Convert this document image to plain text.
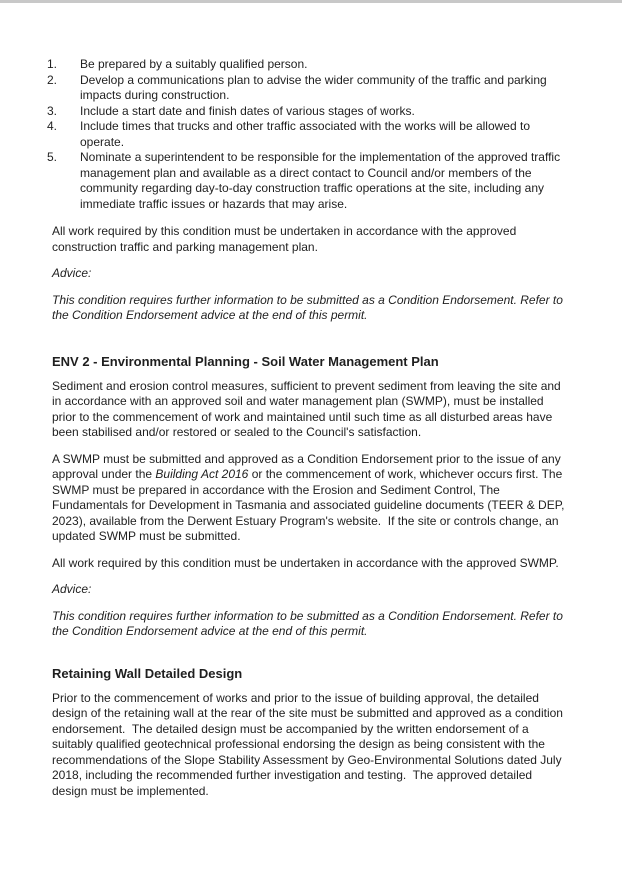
1.	Be prepared by a suitably qualified person.
2.	Develop a communications plan to advise the wider community of the traffic and parking impacts during construction.
3.	Include a start date and finish dates of various stages of works.
4.	Include times that trucks and other traffic associated with the works will be allowed to operate.
5.	Nominate a superintendent to be responsible for the implementation of the approved traffic management plan and available as a direct contact to Council and/or members of the community regarding day-to-day construction traffic operations at the site, including any immediate traffic issues or hazards that may arise.

All work required by this condition must be undertaken in accordance with the approved construction traffic and parking management plan.

Advice:

This condition requires further information to be submitted as a Condition Endorsement. Refer to the Condition Endorsement advice at the end of this permit.

ENV 2 - Environmental Planning - Soil Water Management Plan

Sediment and erosion control measures, sufficient to prevent sediment from leaving the site and in accordance with an approved soil and water management plan (SWMP), must be installed prior to the commencement of work and maintained until such time as all disturbed areas have been stabilised and/or restored or sealed to the Council's satisfaction.

A SWMP must be submitted and approved as a Condition Endorsement prior to the issue of any approval under the Building Act 2016 or the commencement of work, whichever occurs first. The SWMP must be prepared in accordance with the Erosion and Sediment Control, The Fundamentals for Development in Tasmania and associated guideline documents (TEER & DEP, 2023), available from the Derwent Estuary Program's website.  If the site or controls change, an updated SWMP must be submitted.

All work required by this condition must be undertaken in accordance with the approved SWMP.

Advice:

This condition requires further information to be submitted as a Condition Endorsement. Refer to the Condition Endorsement advice at the end of this permit.

Retaining Wall Detailed Design

Prior to the commencement of works and prior to the issue of building approval, the detailed design of the retaining wall at the rear of the site must be submitted and approved as a condition endorsement.  The detailed design must be accompanied by the written endorsement of a suitably qualified geotechnical professional endorsing the design as being consistent with the recommendations of the Slope Stability Assessment by Geo-Environmental Solutions dated July 2018, including the recommended further investigation and testing.  The approved detailed design must be implemented.
